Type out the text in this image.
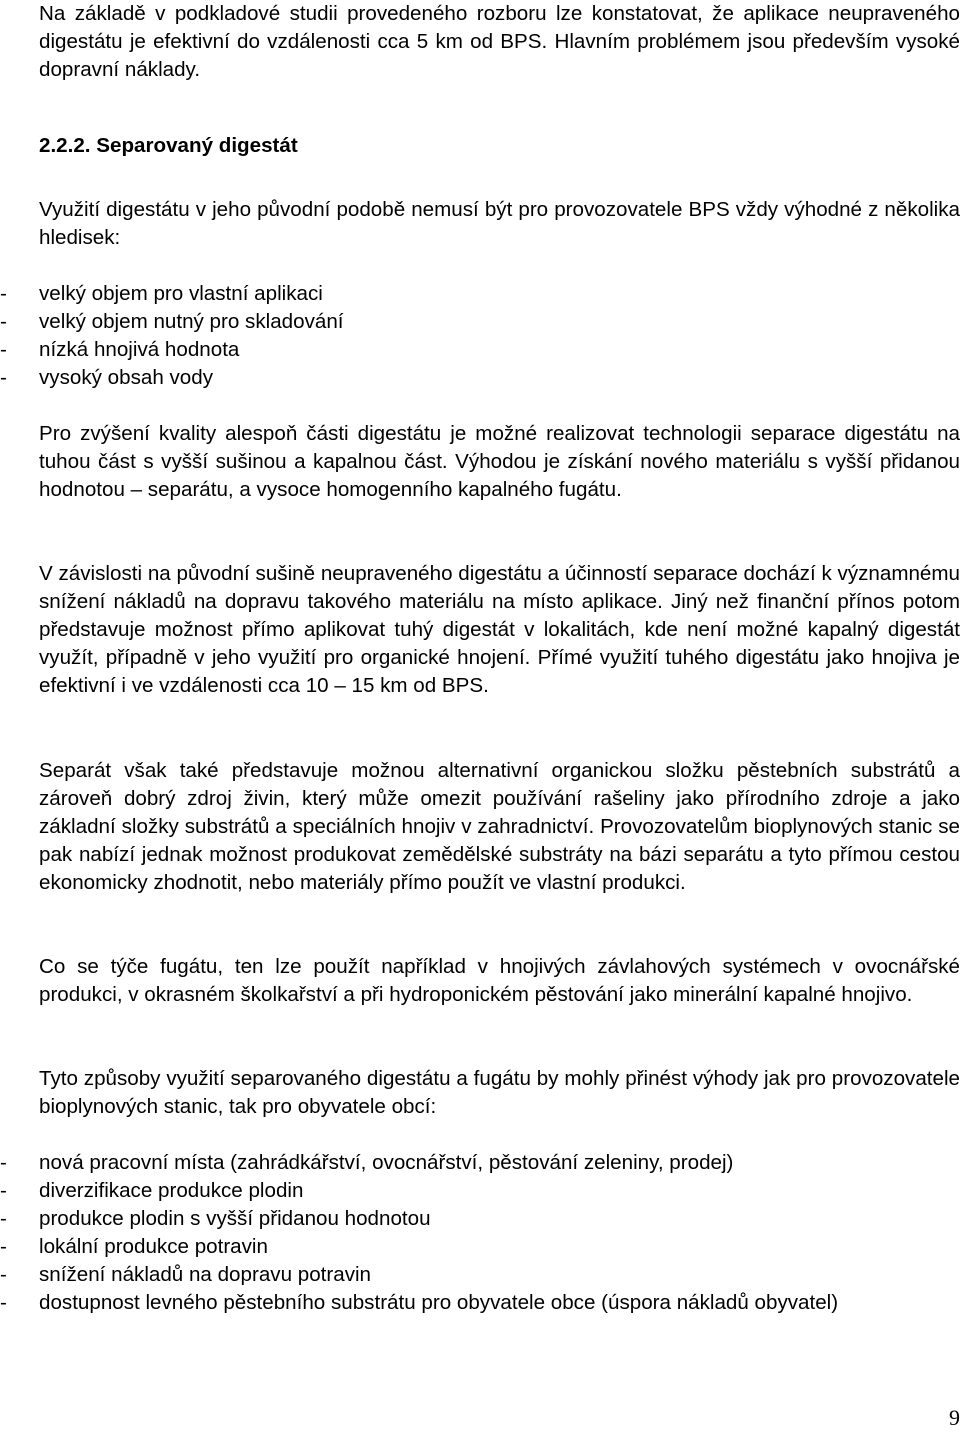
Na základě v podkladové studii provedeného rozboru lze konstatovat, že aplikace neupraveného digestátu je efektivní do vzdálenosti cca 5 km od BPS. Hlavním problémem jsou především vysoké dopravní náklady.

2.2.2. Separovaný digestát

Využití digestátu v jeho původní podobě nemusí být pro provozovatele BPS vždy výhodné z několika hledisek:

- velký objem pro vlastní aplikaci
- velký objem nutný pro skladování
- nízká hnojivá hodnota
- vysoký obsah vody

Pro zvýšení kvality alespoň části digestátu je možné realizovat technologii separace digestátu na tuhou část s vyšší sušinou a kapalnou část. Výhodou je získání nového materiálu s vyšší přidanou hodnotou – separátu, a vysoce homogenního kapalného fugátu.

V závislosti na původní sušině neupraveného digestátu a účinností separace dochází k významnému snížení nákladů na dopravu takového materiálu na místo aplikace. Jiný než finanční přínos potom představuje možnost přímo aplikovat tuhý digestát v lokalitách, kde není možné kapalný digestát využít, případně v jeho využití pro organické hnojení. Přímé využití tuhého digestátu jako hnojiva je efektivní i ve vzdálenosti cca 10 – 15 km od BPS.

Separát však také představuje možnou alternativní organickou složku pěstebních substrátů a zároveň dobrý zdroj živin, který může omezit používání rašeliny jako přírodního zdroje a jako základní složky substrátů a speciálních hnojiv v zahradnictví. Provozovatelům bioplynových stanic se pak nabízí jednak možnost produkovat zemědělské substráty na bázi separátu a tyto přímou cestou ekonomicky zhodnotit, nebo materiály přímo použít ve vlastní produkci.

Co se týče fugátu, ten lze použít například v hnojivých závlahových systémech v ovocnářské produkci, v okrasném školkařství a při hydroponickém pěstování jako minerální kapalné hnojivo.

Tyto způsoby využití separovaného digestátu a fugátu by mohly přinést výhody jak pro provozovatele bioplynových stanic, tak pro obyvatele obcí:

- nová pracovní místa (zahrádkářství, ovocnářství, pěstování zeleniny, prodej)
- diverzifikace produkce plodin
- produkce plodin s vyšší přidanou hodnotou
- lokální produkce potravin
- snížení nákladů na dopravu potravin
- dostupnost levného pěstebního substrátu pro obyvatele obce (úspora nákladů obyvatel)
9
